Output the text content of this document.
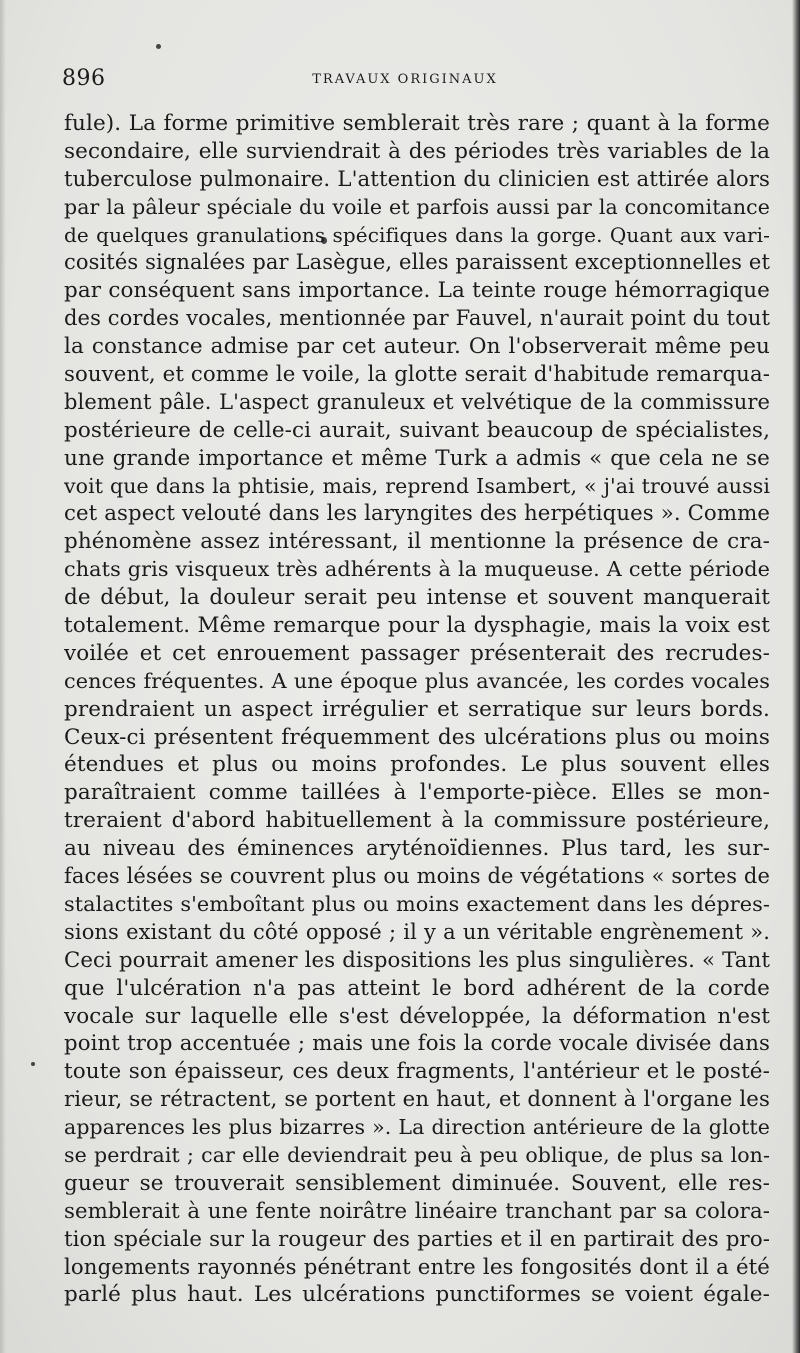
896	TRAVAUX ORIGINAUX
fule). La forme primitive semblerait très rare ; quant à la forme
secondaire, elle surviendrait à des périodes très variables de la
tuberculose pulmonaire. L'attention du clinicien est attirée alors
par la pâleur spéciale du voile et parfois aussi par la concomitance
de quelques granulations spécifiques dans la gorge. Quant aux vari-
cosités signalées par Lasègue, elles paraissent exceptionnelles et
par conséquent sans importance. La teinte rouge hémorragique
des cordes vocales, mentionnée par Fauvel, n'aurait point du tout
la constance admise par cet auteur. On l'observerait même peu
souvent, et comme le voile, la glotte serait d'habitude remarqua-
blement pâle. L'aspect granuleux et velvétique de la commissure
postérieure de celle-ci aurait, suivant beaucoup de spécialistes,
une grande importance et même Turk a admis « que cela ne se
voit que dans la phtisie, mais, reprend Isambert, « j'ai trouvé aussi
cet aspect velouté dans les laryngites des herpétiques ». Comme
phénomène assez intéressant, il mentionne la présence de cra-
chats gris visqueux très adhérents à la muqueuse. A cette période
de début, la douleur serait peu intense et souvent manquerait
totalement. Même remarque pour la dysphagie, mais la voix est
voilée et cet enrouement passager présenterait des recrudes-
cences fréquentes. A une époque plus avancée, les cordes vocales
prendraient un aspect irrégulier et serratique sur leurs bords.
Ceux-ci présentent fréquemment des ulcérations plus ou moins
étendues et plus ou moins profondes. Le plus souvent elles
paraîtraient comme taillées à l'emporte-pièce. Elles se mon-
treraient d'abord habituellement à la commissure postérieure,
au niveau des éminences aryténoïdiennes. Plus tard, les sur-
faces lésées se couvrent plus ou moins de végétations « sortes de
stalactites s'emboîtant plus ou moins exactement dans les dépres-
sions existant du côté opposé ; il y a un véritable engrènement ».
Ceci pourrait amener les dispositions les plus singulières. « Tant
que l'ulcération n'a pas atteint le bord adhérent de la corde
vocale sur laquelle elle s'est développée, la déformation n'est
point trop accentuée ; mais une fois la corde vocale divisée dans
toute son épaisseur, ces deux fragments, l'antérieur et le posté-
rieur, se rétractent, se portent en haut, et donnent à l'organe les
apparences les plus bizarres ». La direction antérieure de la glotte
se perdrait ; car elle deviendrait peu à peu oblique, de plus sa lon-
gueur se trouverait sensiblement diminuée. Souvent, elle res-
semblerait à une fente noirâtre linéaire tranchant par sa colora-
tion spéciale sur la rougeur des parties et il en partirait des pro-
longements rayonnés pénétrant entre les fongosités dont il a été
parlé plus haut. Les ulcérations punctiformes se voient égale-
